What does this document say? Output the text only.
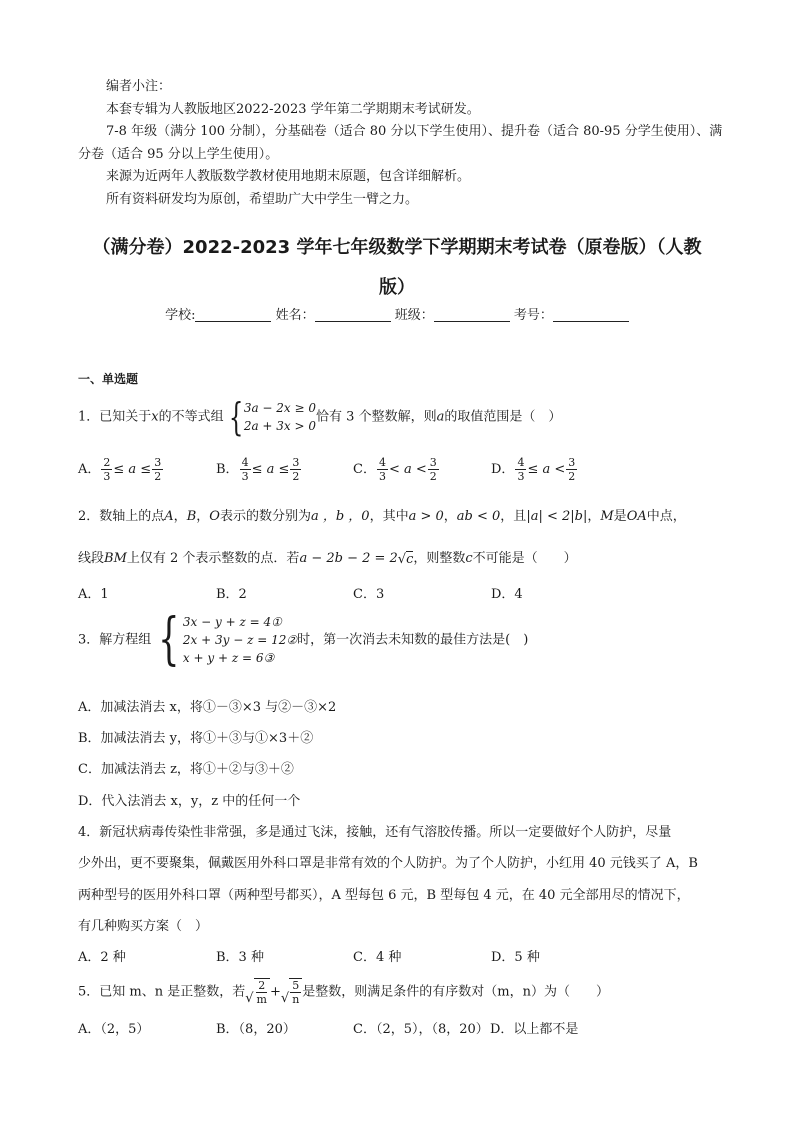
编者小注：

本套专辑为人教版地区2022-2023 学年第二学期期末考试研发。

7-8 年级（满分 100 分制），分基础卷（适合 80 分以下学生使用）、提升卷（适合 80-95 分学生使用）、满分卷（适合 95 分以上学生使用）。

来源为近两年人教版数学教材使用地期末原题，包含详细解析。

所有资料研发均为原创，希望助广大中学生一臂之力。

（满分卷）2022-2023 学年七年级数学下学期期末考试卷（原卷版）（人教
版）
学校:	姓名：	班级：	考号：
一、单选题
1．已知关于x的不等式组 { 3a − 2x ≥ 0
2a + 3x > 0
恰有 3 个整数解，则a的取值范围是（　）
A． $\frac{2}{3} \le a \le \frac{3}{2}$	B． $\frac{4}{3} \le a \le \frac{3}{2}$	C． $\frac{4}{3} < a < \frac{3}{2}$	D． $\frac{4}{3} \le a < \frac{3}{2}$
2．数轴上的点A，B，O表示的数分别为a ，b ，0，其中a > 0，ab < 0，且|a| < 2|b|，M是OA中点，
线段BM上仅有 2 个表示整数的点．若a − 2b − 2 = 2√ c ，则整数c不可能是（　　）
A．1	B．2	C．3	D．4
3．解方程组 { 3x − y + z = 4①
2x + 3y − z = 12②
x + y + z = 6③
时，第一次消去未知数的最佳方法是(　)
A．加减法消去 x，将①－③×3 与②－③×2
B．加减法消去 y，将①＋③与①×3＋②
C．加减法消去 z，将①＋②与③＋②
D．代入法消去 x，y，z 中的任何一个
4．新冠状病毒传染性非常强，多是通过飞沫，接触，还有气溶胶传播。所以一定要做好个人防护，尽量
少外出，更不要聚集，佩戴医用外科口罩是非常有效的个人防护。为了个人防护，小红用 40 元钱买了 A，B
两种型号的医用外科口罩（两种型号都买），A 型每包 6 元，B 型每包 4 元，在 40 元全部用尽的情况下，
有几种购买方案（　）
A．2 种	B．3 种	C．4 种	D．5 种
5．已知 m、n 是正整数，若√ $\frac{2}{m}$ +√ $\frac{5}{n}$ 是整数，则满足条件的有序数对（m，n）为（　　）
A．（2，5）	B．（8，20）	C．（2，5），（8，20） D．以上都不是
